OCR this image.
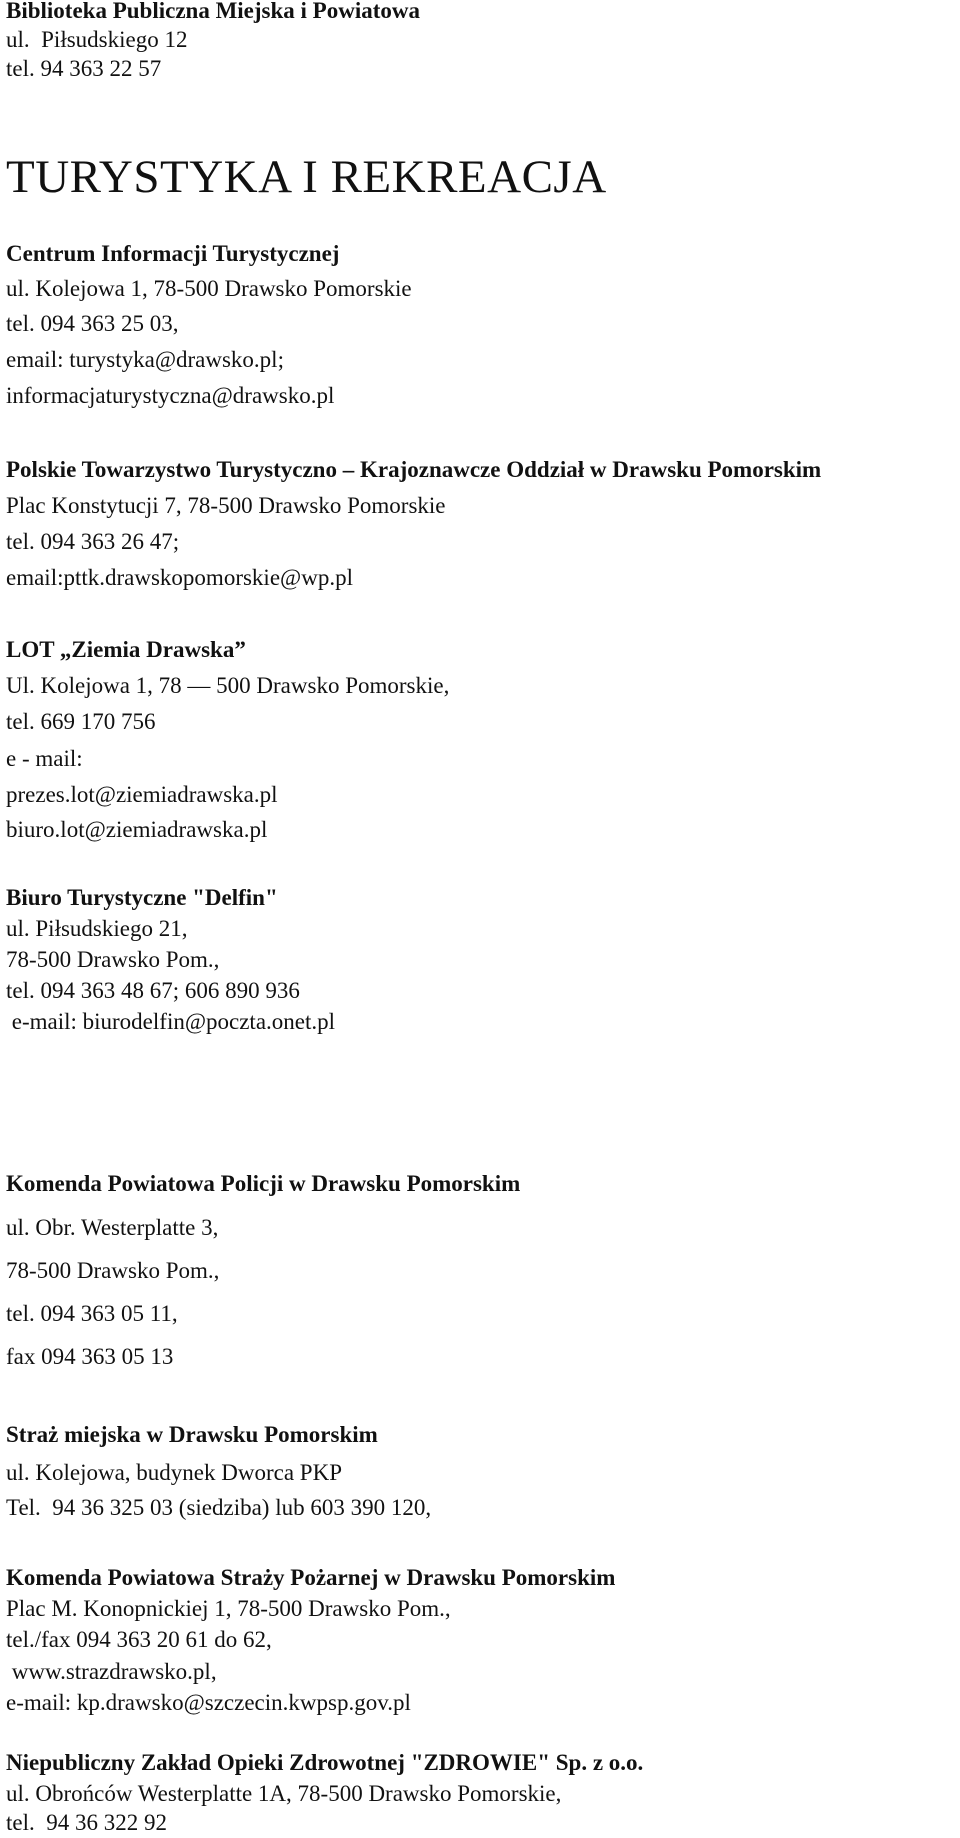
Biblioteka Publiczna Miejska i Powiatowa
ul.  Piłsudskiego 12
tel. 94 363 22 57
TURYSTYKA I REKREACJA
Centrum Informacji Turystycznej
ul. Kolejowa 1, 78-500 Drawsko Pomorskie
tel. 094 363 25 03,
email: turystyka@drawsko.pl;
informacjaturystyczna@drawsko.pl
Polskie Towarzystwo Turystyczno – Krajoznawcze Oddział w Drawsku Pomorskim
Plac Konstytucji 7, 78-500 Drawsko Pomorskie
tel. 094 363 26 47;
email:pttk.drawskopomorskie@wp.pl
LOT „Ziemia Drawska”
Ul. Kolejowa 1, 78 — 500 Drawsko Pomorskie,
tel. 669 170 756
e - mail:
prezes.lot@ziemiadrawska.pl
biuro.lot@ziemiadrawska.pl
Biuro Turystyczne "Delfin"
ul. Piłsudskiego 21,
78-500 Drawsko Pom.,
tel. 094 363 48 67; 606 890 936
e-mail: biurodelfin@poczta.onet.pl
Komenda Powiatowa Policji w Drawsku Pomorskim
ul. Obr. Westerplatte 3,
78-500 Drawsko Pom.,
tel. 094 363 05 11,
fax 094 363 05 13
Straż miejska w Drawsku Pomorskim
ul. Kolejowa, budynek Dworca PKP
Tel.  94 36 325 03 (siedziba) lub 603 390 120,
Komenda Powiatowa Straży Pożarnej w Drawsku Pomorskim
Plac M. Konopnickiej 1, 78-500 Drawsko Pom.,
tel./fax 094 363 20 61 do 62,
www.strazdrawsko.pl,
e-mail: kp.drawsko@szczecin.kwpsp.gov.pl
Niepubliczny Zakład Opieki Zdrowotnej "ZDROWIE" Sp. z o.o.
ul. Obrońców Westerplatte 1A, 78-500 Drawsko Pomorskie,
tel.  94 36 322 92
